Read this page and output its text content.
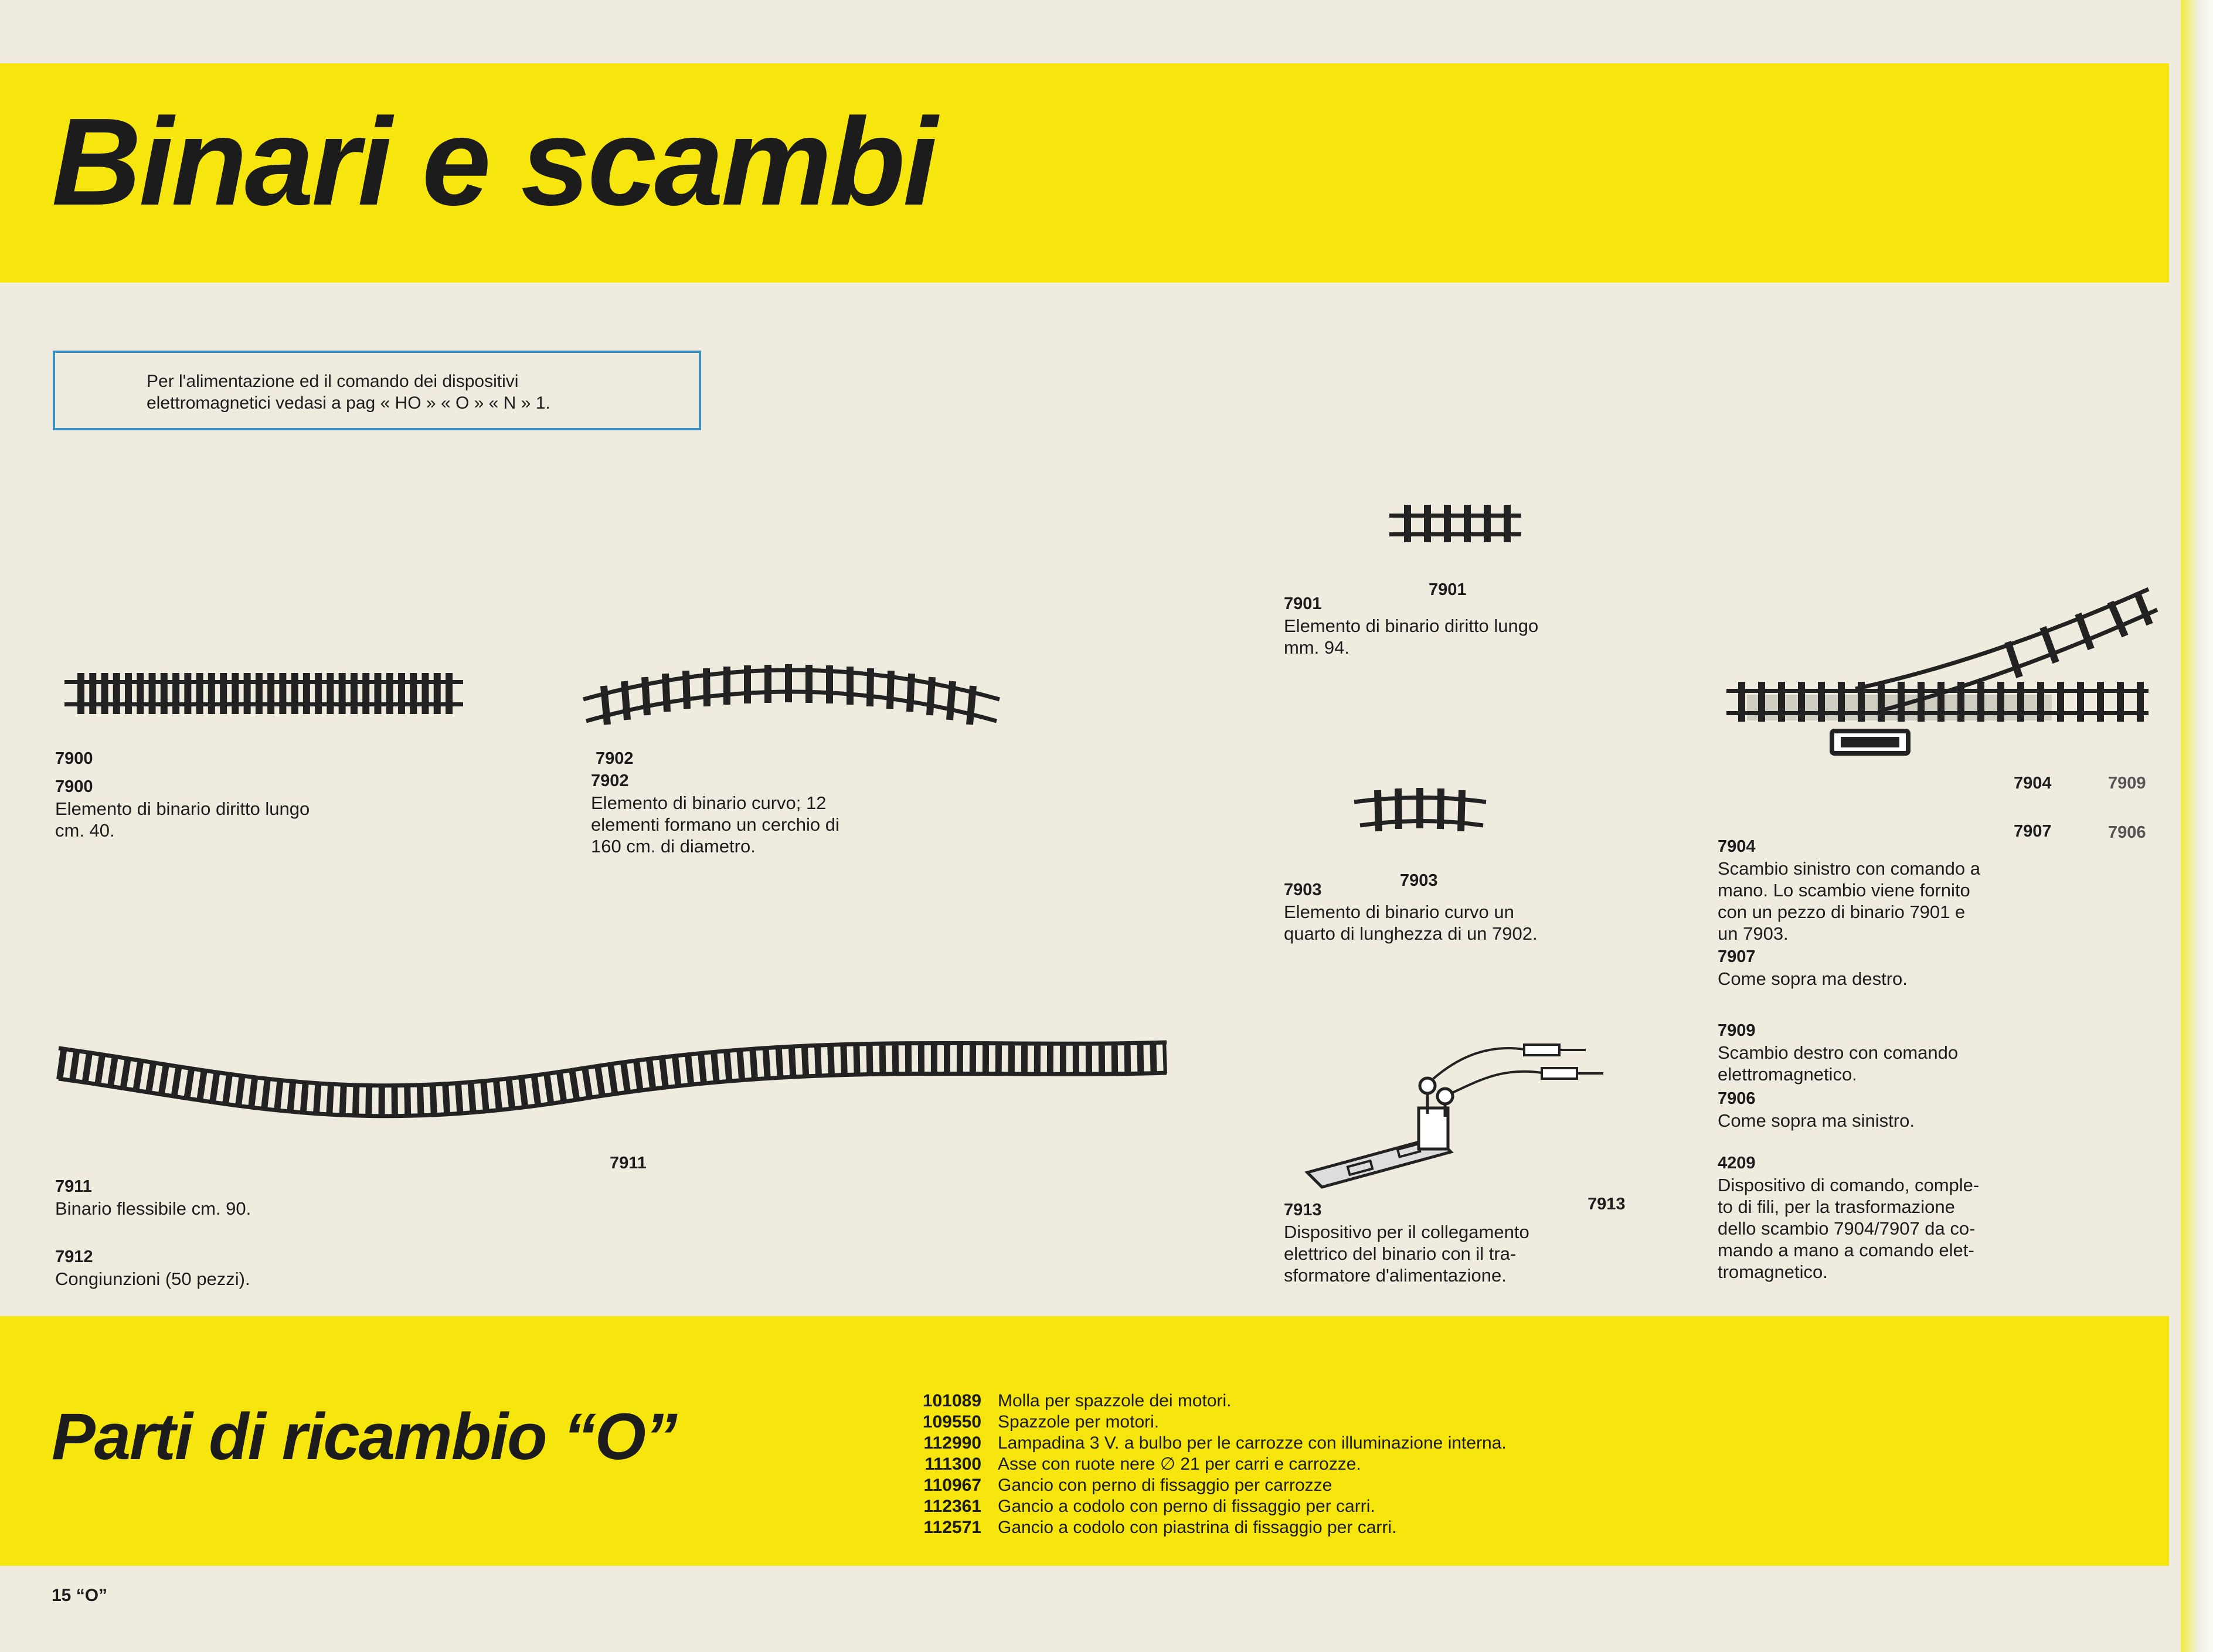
Binari e scambi
Per l'alimentazione ed il comando dei dispositivi
elettromagnetici vedasi a pag « HO » « O » « N » 1.
7900
7900
Elemento di binario diritto lungo
cm. 40.
7902
7902
Elemento di binario curvo; 12
elementi formano un cerchio di
160 cm. di diametro.
7901
7901
Elemento di binario diritto lungo
mm. 94.
7903
7903
Elemento di binario curvo un
quarto di lunghezza di un 7902.
7911
7911
Binario flessibile cm. 90.
7912
Congiunzioni (50 pezzi).
7913
7913
Dispositivo per il collegamento
elettrico del binario con il tra-
sformatore d'alimentazione.
7904	7909
7907	7906
7904
Scambio sinistro con comando a
mano. Lo scambio viene fornito
con un pezzo di binario 7901 e
un 7903.
7907
Come sopra ma destro.
7909
Scambio destro con comando
elettromagnetico.
7906
Come sopra ma sinistro.
4209
Dispositivo di comando, comple-
to di fili, per la trasformazione
dello scambio 7904/7907 da co-
mando a mano a comando elet-
tromagnetico.
Parti di ricambio “O”	101089 Molla per spazzole dei motori.
109550 Spazzole per motori.
112990 Lampadina 3 V. a bulbo per le carrozze con illuminazione interna.
111300 Asse con ruote nere ∅ 21 per carri e carrozze.
110967 Gancio con perno di fissaggio per carrozze
112361 Gancio a codolo con perno di fissaggio per carri.
112571 Gancio a codolo con piastrina di fissaggio per carri.
15 “O”
